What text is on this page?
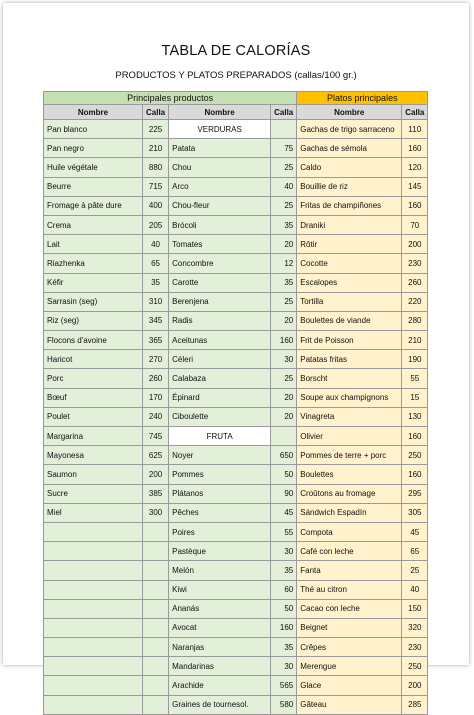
TABLA DE CALORÍAS
PRODUCTOS Y PLATOS PREPARADOS (callas/100 gr.)
Principales productos				Platos principales	
Nombre	Calla	Nombre	Calla	Nombre	Calla
Pan blanco	225	VERDURAS		Gachas de trigo sarraceno	110
Pan negro	210	Patata	75	Gachas de sémola	160
Huile végétale	880	Chou	25	Caldo	120
Beurre	715	Arco	40	Bouillie de riz	145
Fromage à pâte dure	400	Chou-fleur	25	Fritas de champiñones	160
Crema	205	Brócoli	35	Draniki	70
Lait	40	Tomates	20	Rôtir	200
Riazhenka	65	Concombre	12	Cocotte	230
Kéfir	35	Carotte	35	Escalopes	260
Sarrasin (seg)	310	Berenjena	25	Tortilla	220
Riz (seg)	345	Radis	20	Boulettes de viande	280
Flocons d'avoine	365	Aceitunas	160	Frit de Poisson	210
Haricot	270	Céleri	30	Patatas fritas	190
Porc	260	Calabaza	25	Borscht	55
Bœuf	170	Épinard	20	Soupe aux champignons	15
Poulet	240	Ciboulette	20	Vinagreta	130
Margarina	745	FRUTA		Olivier	160
Mayonesa	625	Noyer	650	Pommes de terre + porc	250
Saumon	200	Pommes	50	Boulettes	160
Sucre	385	Plátanos	90	Croûtons au fromage	295
Miel	300	Pêches	45	Sándwich Espadín	305
		Poires	55	Compota	45
		Pastèque	30	Café con leche	65
		Melón	35	Fanta	25
		Kiwi	60	Thé au citron	40
		Ananás	50	Cacao con leche	150
		Avocat	160	Beignet	320
		Naranjas	35	Crêpes	230
		Mandarinas	30	Merengue	250
		Arachide	565	Glace	200
		Graines de tournesol.	580	Gâteau	285
